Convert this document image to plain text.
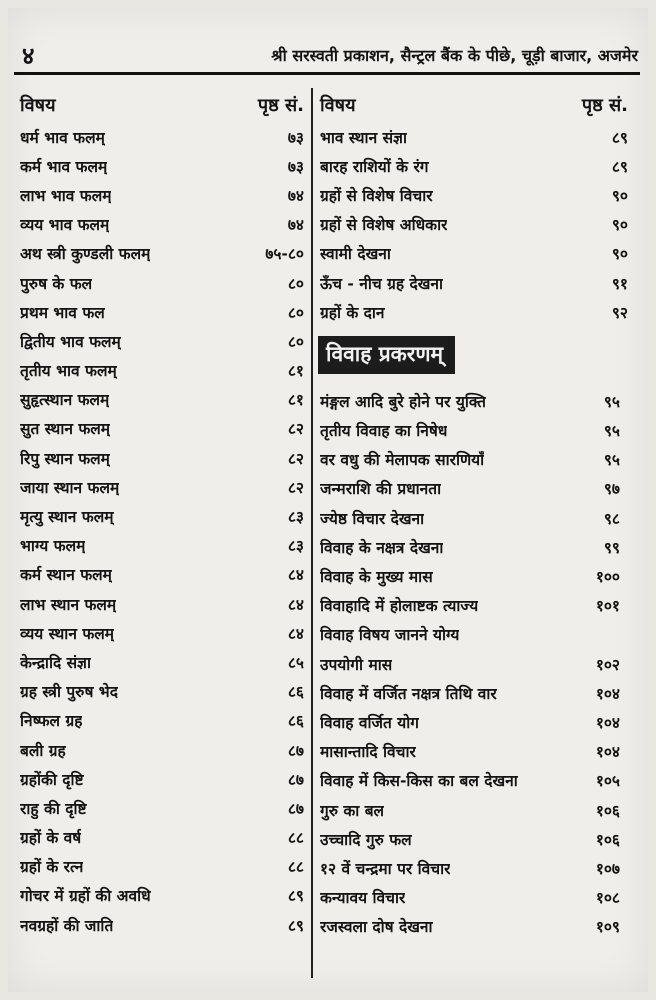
४	श्री सरस्वती प्रकाशन, सैन्ट्रल बैंक के पीछे, चूड़ी बाजार, अजमेर
विषय	पृष्ठ सं.
धर्म भाव फलम्	७३
कर्म भाव फलम्	७३
लाभ भाव फलम्	७४
व्यय भाव फलम्	७४
अथ स्त्री कुण्डली फलम्	७५-८०
पुरुष के फल	८०
प्रथम भाव फल	८०
द्वितीय भाव फलम्	८०
तृतीय भाव फलम्	८१
सुहृत्स्थान फलम्	८१
सुत स्थान फलम्	८२
रिपु स्थान फलम्	८२
जाया स्थान फलम्	८२
मृत्यु स्थान फलम्	८३
भाग्य फलम्	८३
कर्म स्थान फलम्	८४
लाभ स्थान फलम्	८४
व्यय स्थान फलम्	८४
केन्द्रादि संज्ञा	८५
ग्रह स्त्री पुरुष भेद	८६
निष्फल ग्रह	८६
बली ग्रह	८७
ग्रहोंकी दृष्टि	८७
राहु की दृष्टि	८७
ग्रहों के वर्ष	८८
ग्रहों के रत्न	८८
गोचर में ग्रहों की अवधि	८९
नवग्रहों की जाति	८९
विषय	पृष्ठ सं.
भाव स्थान संज्ञा	८९
बारह राशियों के रंग	८९
ग्रहों से विशेष विचार	९०
ग्रहों से विशेष अधिकार	९०
स्वामी देखना	९०
ऊँच - नीच ग्रह देखना	९१
ग्रहों के दान	९२
विवाह प्रकरणम्
मंङ्गल आदि बुरे होने पर युक्ति	९५
तृतीय विवाह का निषेध	९५
वर वधु की मेलापक सारणियाँ	९५
जन्मराशि की प्रधानता	९७
ज्येष्ठ विचार देखना	९८
विवाह के नक्षत्र देखना	९९
विवाह के मुख्य मास	१००
विवाहादि में होलाष्टक त्याज्य	१०१
विवाह विषय जानने योग्य
उपयोगी मास	१०२
विवाह में वर्जित नक्षत्र तिथि वार	१०४
विवाह वर्जित योग	१०४
मासान्तादि विचार	१०४
विवाह में किस-किस का बल देखना	१०५
गुरु का बल	१०६
उच्चादि गुरु फल	१०६
१२ वें चन्द्रमा पर विचार	१०७
कन्यावय विचार	१०८
रजस्वला दोष देखना	१०९
